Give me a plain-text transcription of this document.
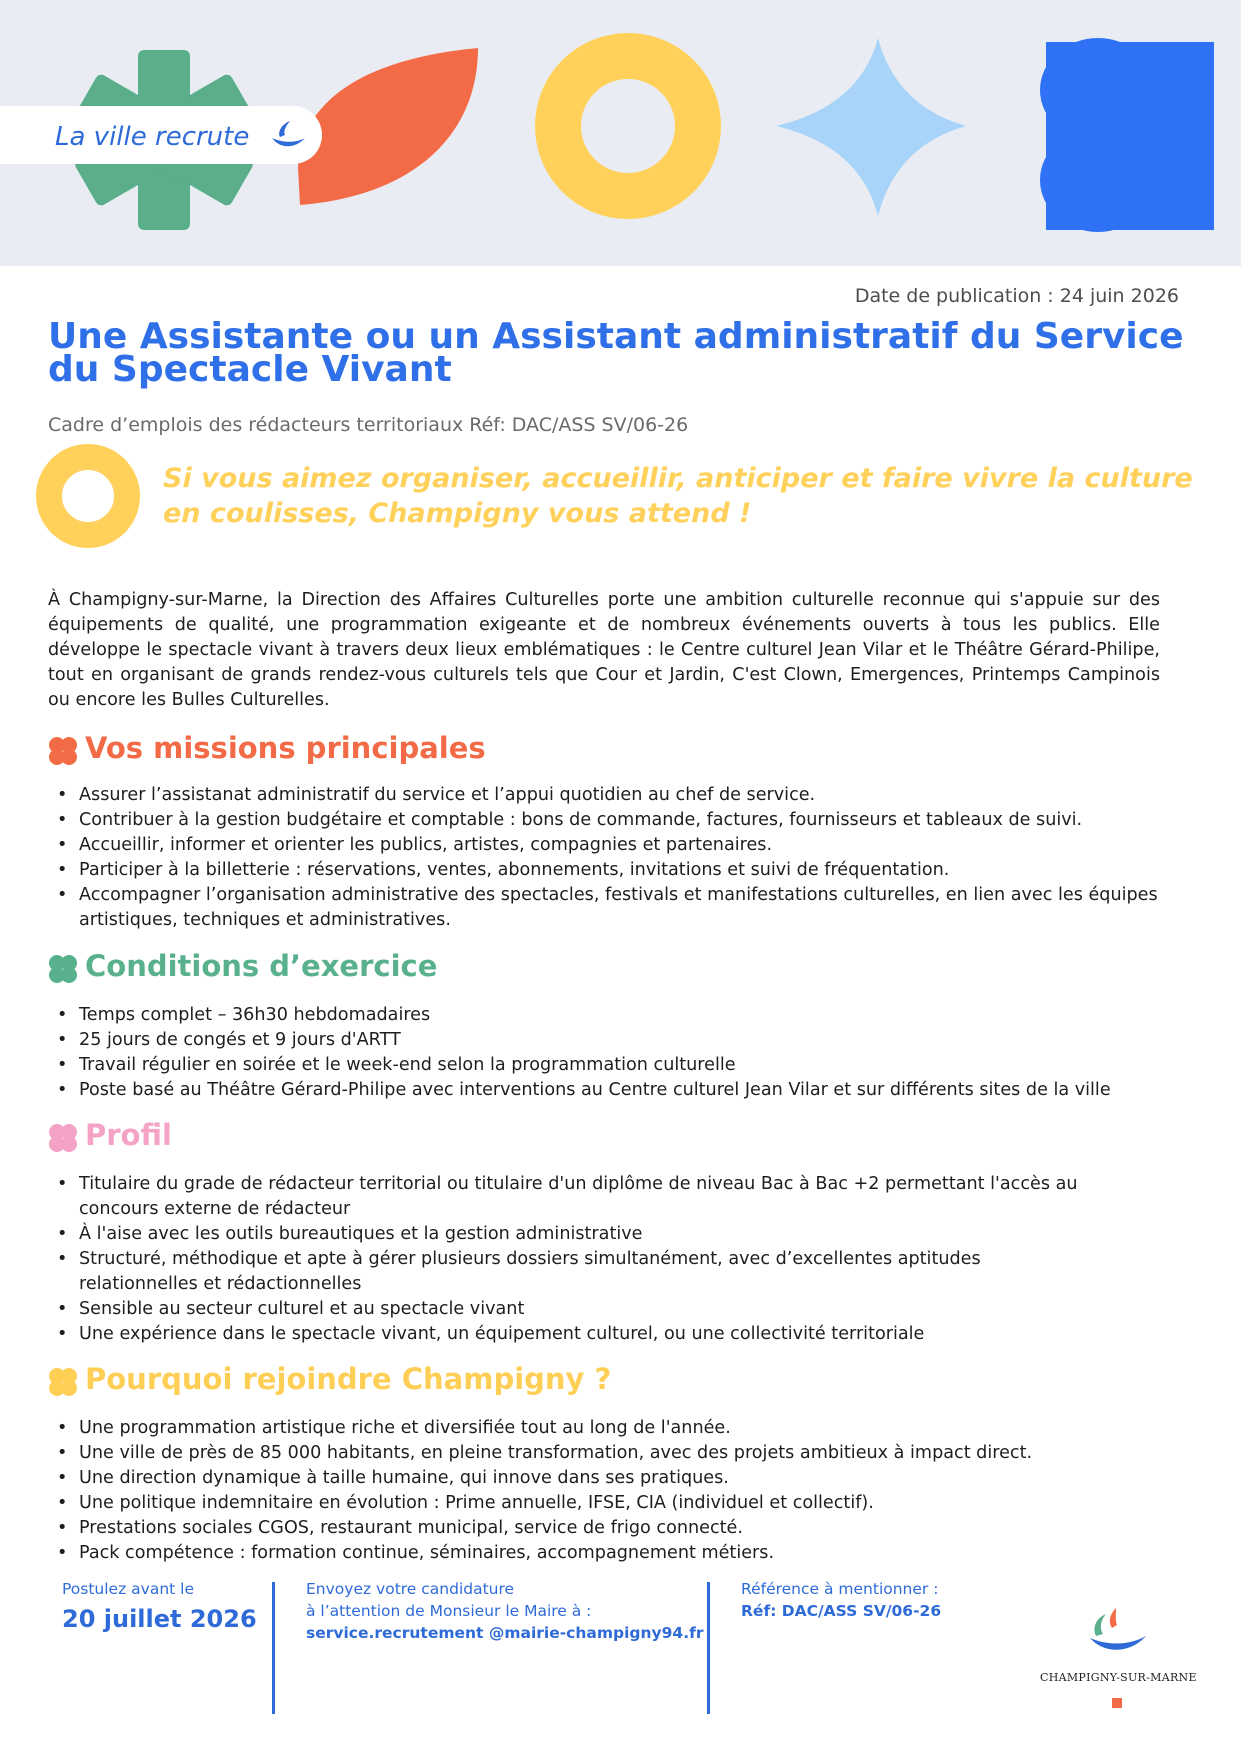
La ville recrute
Date de publication : 24 juin 2026
Une Assistante ou un Assistant administratif du Service du Spectacle Vivant
Cadre d’emplois des rédacteurs territoriaux Réf: DAC/ASS SV/06-26

Si vous aimez organiser, accueillir, anticiper et faire vivre la culture en coulisses, Champigny vous attend !

À Champigny-sur-Marne, la Direction des Affaires Culturelles porte une ambition culturelle reconnue qui s'appuie sur des équipements de qualité, une programmation exigeante et de nombreux événements ouverts à tous les publics. Elle développe le spectacle vivant à travers deux lieux emblématiques : le Centre culturel Jean Vilar et le Théâtre Gérard-Philipe, tout en organisant de grands rendez-vous culturels tels que Cour et Jardin, C'est Clown, Emergences, Printemps Campinois ou encore les Bulles Culturelles.

Vos missions principales
• Assurer l’assistanat administratif du service et l’appui quotidien au chef de service.
• Contribuer à la gestion budgétaire et comptable : bons de commande, factures, fournisseurs et tableaux de suivi.
• Accueillir, informer et orienter les publics, artistes, compagnies et partenaires.
• Participer à la billetterie : réservations, ventes, abonnements, invitations et suivi de fréquentation.
• Accompagner l’organisation administrative des spectacles, festivals et manifestations culturelles, en lien avec les équipes artistiques, techniques et administratives.
Conditions d’exercice
• Temps complet – 36h30 hebdomadaires
• 25 jours de congés et 9 jours d'ARTT
• Travail régulier en soirée et le week-end selon la programmation culturelle
• Poste basé au Théâtre Gérard-Philipe avec interventions au Centre culturel Jean Vilar et sur différents sites de la ville
Profil
• Titulaire du grade de rédacteur territorial ou titulaire d'un diplôme de niveau Bac à Bac +2 permettant l'accès au concours externe de rédacteur
• À l'aise avec les outils bureautiques et la gestion administrative
• Structuré, méthodique et apte à gérer plusieurs dossiers simultanément, avec d’excellentes aptitudes relationnelles et rédactionnelles
• Sensible au secteur culturel et au spectacle vivant
• Une expérience dans le spectacle vivant, un équipement culturel, ou une collectivité territoriale
Pourquoi rejoindre Champigny ?
• Une programmation artistique riche et diversifiée tout au long de l'année.
• Une ville de près de 85 000 habitants, en pleine transformation, avec des projets ambitieux à impact direct.
• Une direction dynamique à taille humaine, qui innove dans ses pratiques.
• Une politique indemnitaire en évolution : Prime annuelle, IFSE, CIA (individuel et collectif).
• Prestations sociales CGOS, restaurant municipal, service de frigo connecté.
• Pack compétence : formation continue, séminaires, accompagnement métiers.
Postulez avant le
20 juillet 2026
Envoyez votre candidature
à l’attention de Monsieur le Maire à :
service.recrutement @mairie-champigny94.fr
Référence à mentionner :
Réf: DAC/ASS SV/06-26
CHAMPIGNY-SUR-MARNE
